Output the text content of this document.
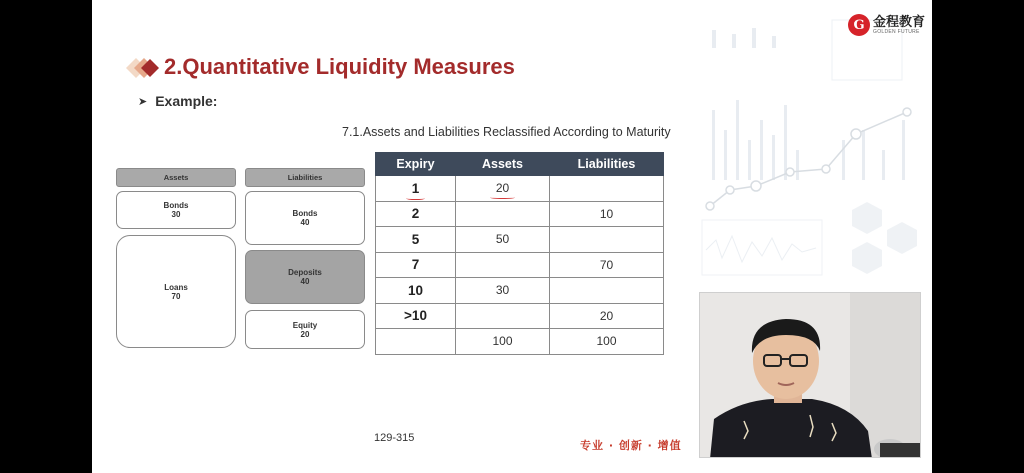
G 金程教育
GOLDEN FUTURE
2.Quantitative Liquidity Measures
➤ Example:
7.1.Assets and Liabilities Reclassified According to Maturity
Assets	Liabilities
Bonds
30
Loans
70
Bonds
40
Deposits
40
Equity
20
Expiry	Assets	Liabilities
1	20	
2		10
5	50	
7		70
10	30	
>10		20
	100	100
129-315
专业 · 创新 · 增值
